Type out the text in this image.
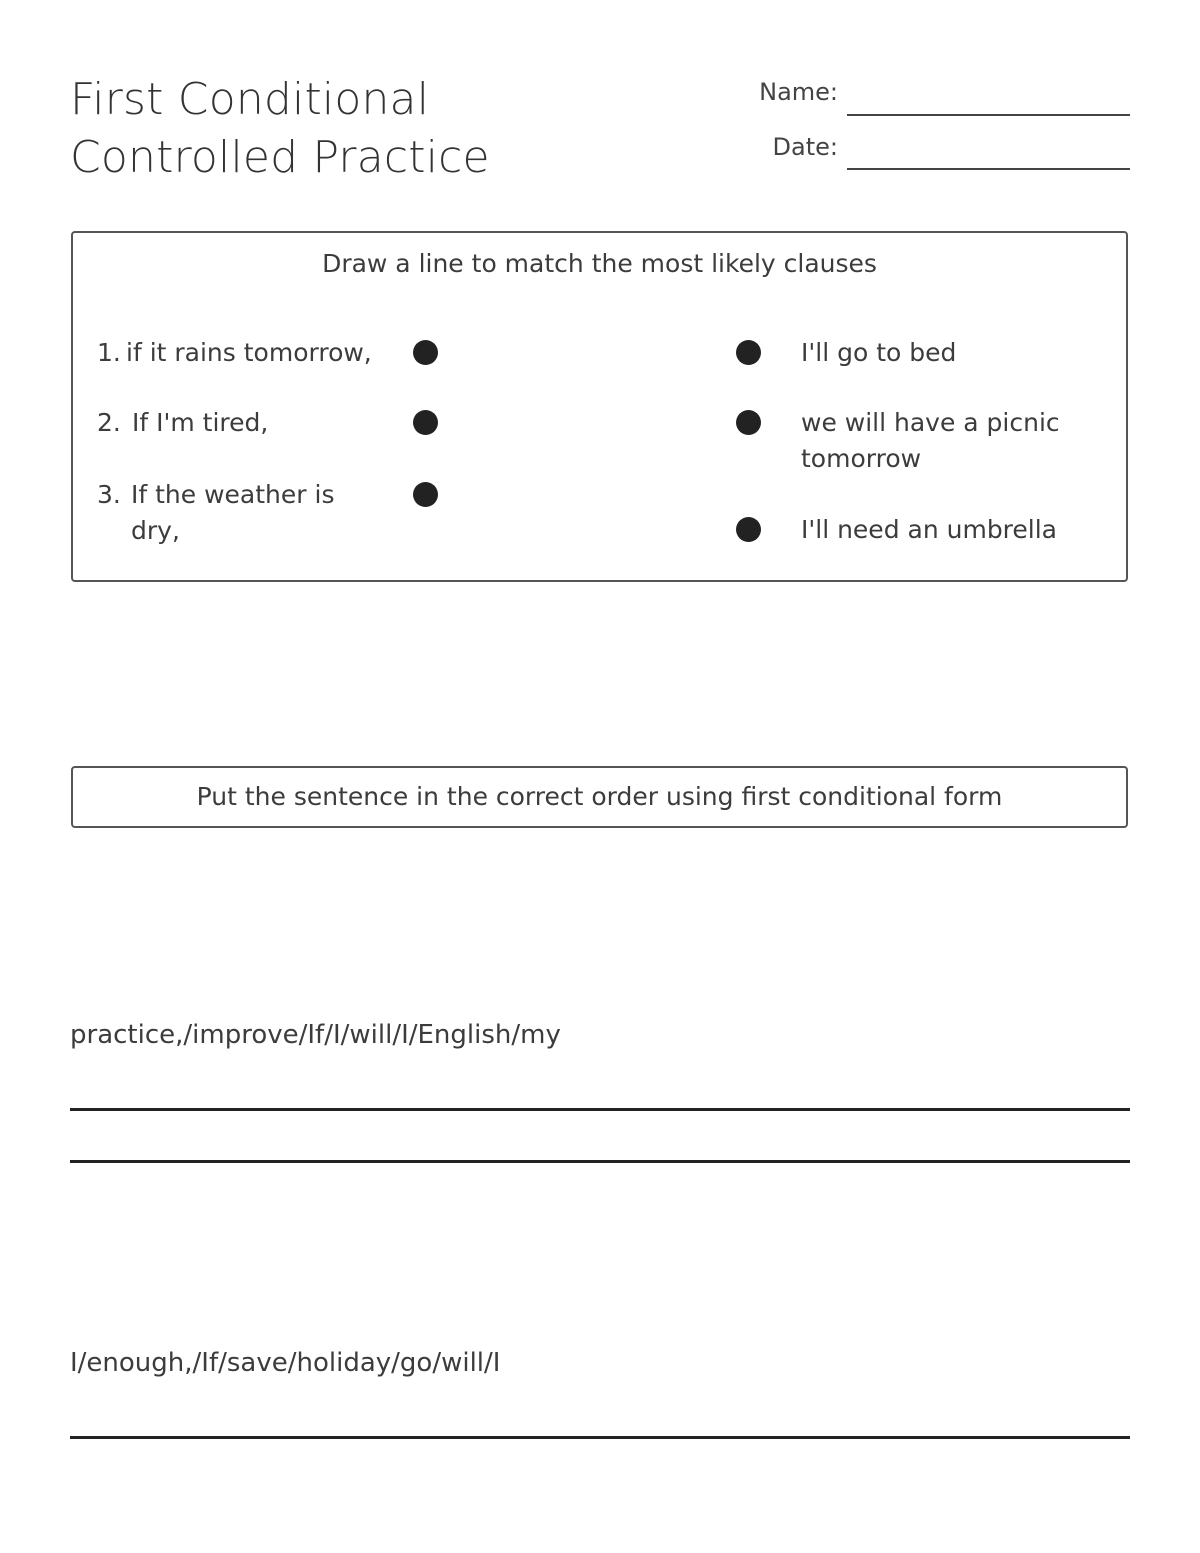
First Conditional
Controlled Practice
Name:
Date:
Draw a line to match the most likely clauses
1. if it rains tomorrow,
2. If I'm tired,
3. If the weather is dry,
I'll go to bed
we will have a picnic tomorrow
I'll need an umbrella
Put the sentence in the correct order using first conditional form
practice,/improve/If/I/will/I/English/my
I/enough,/If/save/holiday/go/will/I
